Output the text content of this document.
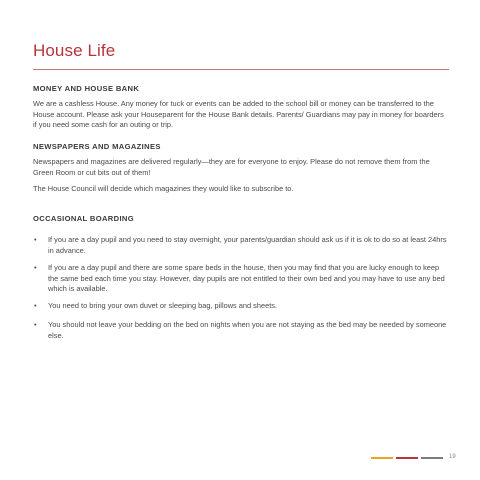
House Life
MONEY AND HOUSE BANK

We are a cashless House. Any money for tuck or events can be added to the school bill or money can be transferred to the House account. Please ask your Houseparent for the House Bank details. Parents/ Guardians may pay in money for boarders if you need some cash for an outing or trip.

NEWSPAPERS AND MAGAZINES

Newspapers and magazines are delivered regularly—they are for everyone to enjoy. Please do not remove them from the Green Room or cut bits out of them!

The House Council will decide which magazines they would like to subscribe to.

OCCASIONAL BOARDING
• If you are a day pupil and you need to stay overnight, your parents/guardian should ask us if it is ok to do so at least 24hrs in advance.
• If you are a day pupil and there are some spare beds in the house, then you may find that you are lucky enough to keep the same bed each time you stay. However, day pupils are not entitled to their own bed and you may have to use any bed which is available.
• You need to bring your own duvet or sleeping bag, pillows and sheets.
• You should not leave your bedding on the bed on nights when you are not staying as the bed may be needed by someone else.
19
